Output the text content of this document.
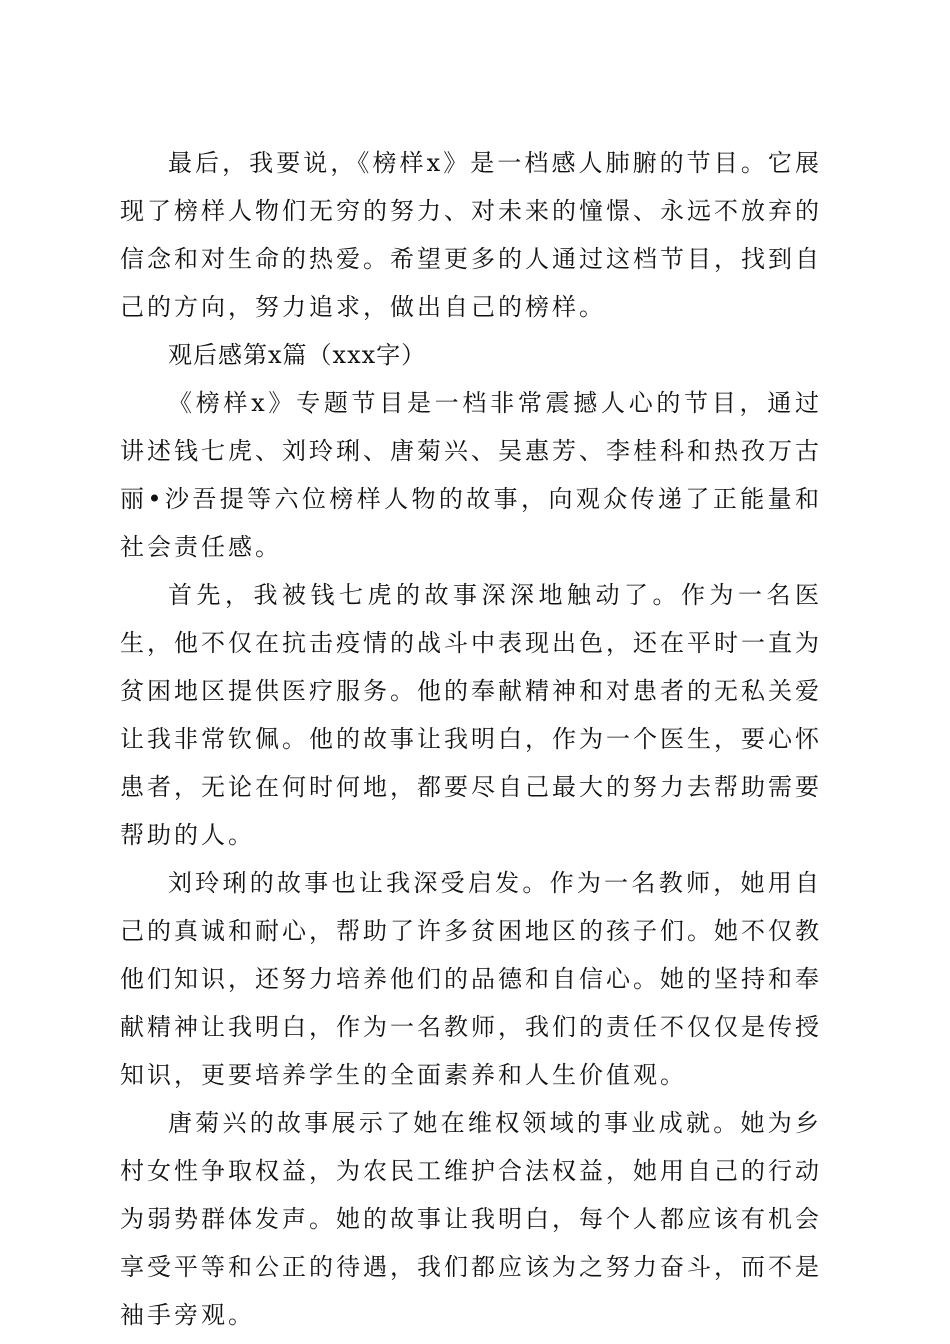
最后，我要说，《榜样x》是一档感人肺腑的节目。它展现了榜样人物们无穷的努力、对未来的憧憬、永远不放弃的信念和对生命的热爱。希望更多的人通过这档节目，找到自己的方向，努力追求，做出自己的榜样。

观后感第x篇（xxx字）

《榜样x》专题节目是一档非常震撼人心的节目，通过讲述钱七虎、刘玲琍、唐菊兴、吴惠芳、李桂科和热孜万古丽•沙吾提等六位榜样人物的故事，向观众传递了正能量和社会责任感。

首先，我被钱七虎的故事深深地触动了。作为一名医生，他不仅在抗击疫情的战斗中表现出色，还在平时一直为贫困地区提供医疗服务。他的奉献精神和对患者的无私关爱让我非常钦佩。他的故事让我明白，作为一个医生，要心怀患者，无论在何时何地，都要尽自己最大的努力去帮助需要帮助的人。

刘玲琍的故事也让我深受启发。作为一名教师，她用自己的真诚和耐心，帮助了许多贫困地区的孩子们。她不仅教他们知识，还努力培养他们的品德和自信心。她的坚持和奉献精神让我明白，作为一名教师，我们的责任不仅仅是传授知识，更要培养学生的全面素养和人生价值观。

唐菊兴的故事展示了她在维权领域的事业成就。她为乡村女性争取权益，为农民工维护合法权益，她用自己的行动为弱势群体发声。她的故事让我明白，每个人都应该有机会享受平等和公正的待遇，我们都应该为之努力奋斗，而不是袖手旁观。
